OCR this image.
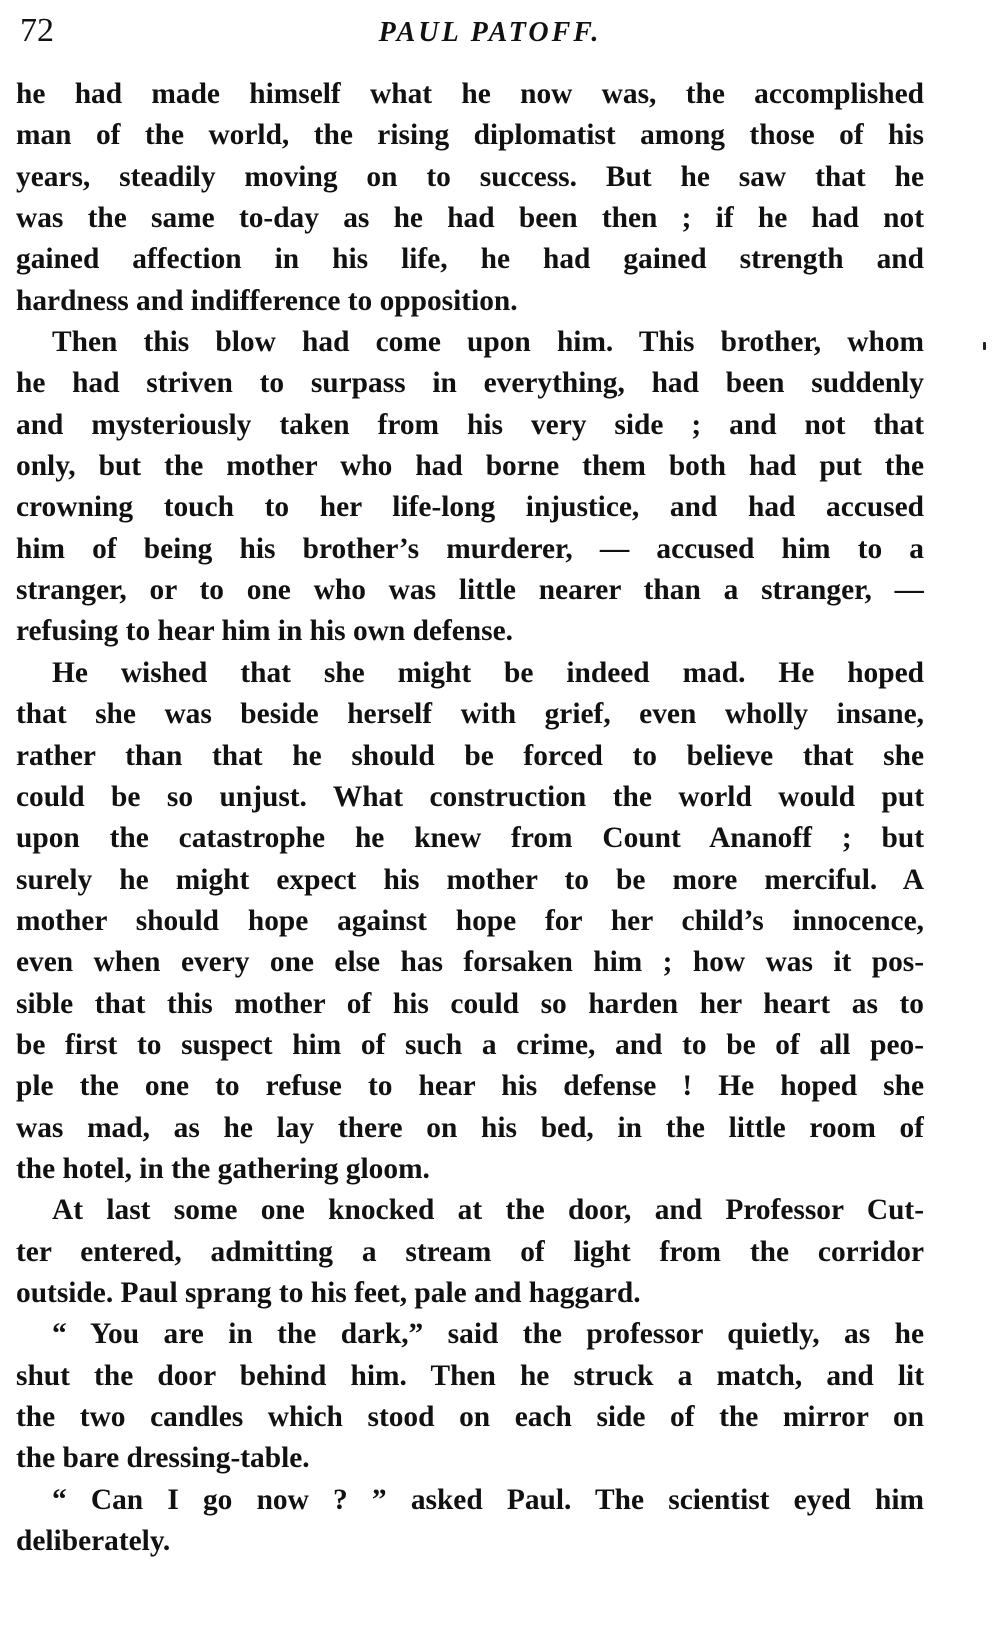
72	PAUL PATOFF.
he had made himself what he now was, the accomplished
man of the world, the rising diplomatist among those of his
years, steadily moving on to success. But he saw that he
was the same to-day as he had been then ; if he had not
gained affection in his life, he had gained strength and
hardness and indifference to opposition.
Then this blow had come upon him. This brother, whom
he had striven to surpass in everything, had been suddenly
and mysteriously taken from his very side ; and not that
only, but the mother who had borne them both had put the
crowning touch to her life-long injustice, and had accused
him of being his brother’s murderer, — accused him to a
stranger, or to one who was little nearer than a stranger, —
refusing to hear him in his own defense.
He wished that she might be indeed mad. He hoped
that she was beside herself with grief, even wholly insane,
rather than that he should be forced to believe that she
could be so unjust. What construction the world would put
upon the catastrophe he knew from Count Ananoff ; but
surely he might expect his mother to be more merciful. A
mother should hope against hope for her child’s innocence,
even when every one else has forsaken him ; how was it pos-
sible that this mother of his could so harden her heart as to
be first to suspect him of such a crime, and to be of all peo-
ple the one to refuse to hear his defense ! He hoped she
was mad, as he lay there on his bed, in the little room of
the hotel, in the gathering gloom.
At last some one knocked at the door, and Professor Cut-
ter entered, admitting a stream of light from the corridor
outside. Paul sprang to his feet, pale and haggard.
“ You are in the dark,” said the professor quietly, as he
shut the door behind him. Then he struck a match, and lit
the two candles which stood on each side of the mirror on
the bare dressing-table.
“ Can I go now ? ” asked Paul. The scientist eyed him
deliberately.
